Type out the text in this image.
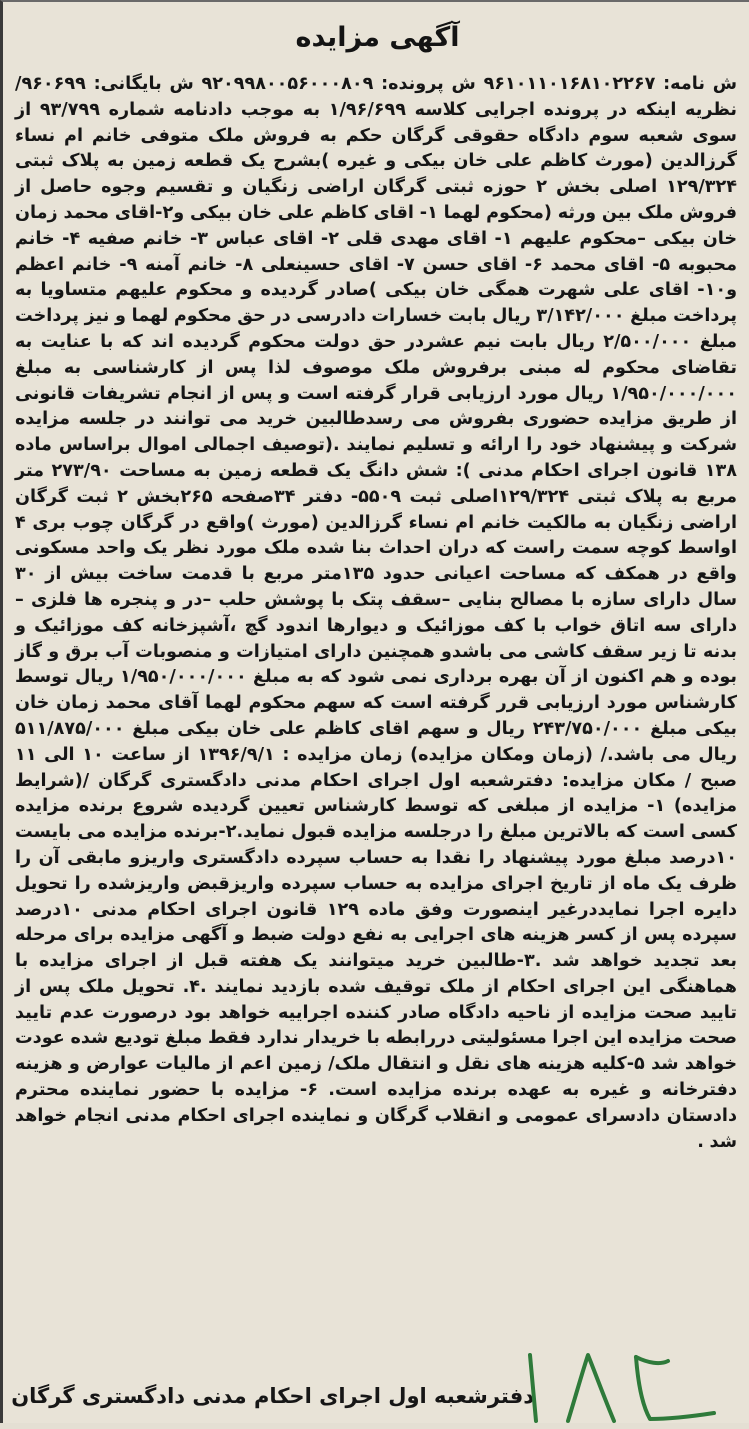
آگهی مزایده
ش نامه: ۹۶۱۰۱۱۰۱۶۸۱۰۲۲۶۷ ش پرونده: ۹۲۰۹۹۸۰۰۵۶۰۰۰۸۰۹ ش بایگانی: ۹۶۰۶۹۹/ نظریه اینکه در پرونده اجرایی کلاسه ۱/۹۶/۶۹۹ به موجب دادنامه شماره ۹۳/۷۹۹ از سوی شعبه سوم دادگاه حقوقی گرگان حکم به فروش ملک متوفی خانم ام نساء گرزالدین (مورث کاظم علی خان بیکی و غیره )بشرح یک قطعه زمین به پلاک ثبتی ۱۲۹/۳۲۴ اصلی بخش ۲ حوزه ثبتی گرگان اراضی زنگیان و تقسیم وجوه حاصل از فروش ملک بین ورثه (محکوم لهما ۱- اقای کاظم علی خان بیکی و۲-اقای محمد زمان خان بیکی –محکوم علیهم ۱- اقای مهدی قلی ۲- اقای عباس ۳- خانم صفیه ۴- خانم محبوبه ۵- اقای محمد ۶- اقای حسن ۷- اقای حسینعلی ۸- خانم آمنه ۹- خانم اعظم و۱۰- اقای علی شهرت همگی خان بیکی )صادر گردیده و محکوم علیهم متساویا به پرداخت مبلغ ۳/۱۴۲/۰۰۰ ریال بابت خسارات دادرسی در حق محکوم لهما و نیز پرداخت مبلغ ۲/۵۰۰/۰۰۰ ریال بابت نیم عشردر حق دولت محکوم گردیده اند که با عنایت به تقاضای محکوم له مبنی برفروش ملک موصوف لذا پس از کارشناسی به مبلغ ۱/۹۵۰/۰۰۰/۰۰۰ ریال مورد ارزیابی قرار گرفته است و پس از انجام تشریفات قانونی از طریق مزایده حضوری بفروش می رسدطالبین خرید می توانند در جلسه مزایده شرکت و پیشنهاد خود را ارائه و تسلیم نمایند .(توصیف اجمالی اموال براساس ماده ۱۳۸ قانون اجرای احکام مدنی ): شش دانگ یک قطعه زمین به مساحت ۲۷۳/۹۰ متر مربع به پلاک ثبتی ۱۲۹/۳۲۴اصلی ثبت ۵۵۰۹- دفتر ۳۴صفحه ۲۶۵بخش ۲ ثبت گرگان اراضی زنگیان به مالکیت خانم ام نساء گرزالدین (مورث )واقع در گرگان چوب بری ۴ اواسط کوچه سمت راست که دران احداث بنا شده ملک مورد نظر یک واحد مسکونی واقع در همکف که مساحت اعیانی حدود ۱۳۵متر مربع با قدمت ساخت بیش از ۳۰ سال دارای سازه با مصالح بنایی –سقف پتک با پوشش حلب –در و پنجره ها فلزی –دارای سه اتاق خواب با کف موزائیک و دیوارها اندود گچ ،آشپزخانه کف موزائیک و بدنه تا زیر سقف کاشی می باشدو همچنین دارای امتیازات و منصوبات آب برق و گاز بوده و هم اکنون از آن بهره برداری نمی شود که به مبلغ ۱/۹۵۰/۰۰۰/۰۰۰ ریال توسط کارشناس مورد ارزیابی قرر گرفته است که سهم محکوم لهما آقای محمد زمان خان بیکی مبلغ ۲۴۳/۷۵۰/۰۰۰ ریال و سهم اقای کاظم علی خان بیکی مبلغ ۵۱۱/۸۷۵/۰۰۰ ریال می باشد./ (زمان ومکان مزایده) زمان مزایده : ۱۳۹۶/۹/۱ از ساعت ۱۰ الی ۱۱ صبح / مکان مزایده: دفترشعبه اول اجرای احکام مدنی دادگستری گرگان /(شرایط مزایده) ۱- مزایده از مبلغی که توسط کارشناس تعیین گردیده شروع برنده مزایده کسی است که بالاترین مبلغ را درجلسه مزایده قبول نماید.۲-برنده مزایده می بایست ۱۰درصد مبلغ مورد پیشنهاد را نقدا به حساب سپرده دادگستری واریزو مابقی آن را ظرف یک ماه از تاریخ اجرای مزایده به حساب سپرده واریزقبض واریزشده را تحویل دایره اجرا نمایددرغیر اینصورت وفق ماده ۱۲۹ قانون اجرای احکام مدنی ۱۰درصد سپرده پس از کسر هزینه های اجرایی به نفع دولت ضبط و آگهی مزایده برای مرحله بعد تجدید خواهد شد .۳-طالبین خرید میتوانند یک هفته قبل از اجرای مزایده با هماهنگی این اجرای احکام از ملک توقیف شده بازدید نمایند .۴. تحویل ملک پس از تایید صحت مزایده از ناحیه دادگاه صادر کننده اجراییه خواهد بود درصورت عدم تایید صحت مزایده این اجرا مسئولیتی دررابطه با خریدار ندارد فقط مبلغ تودیع شده عودت خواهد شد ۵-کلیه هزینه های نقل و انتقال ملک/ زمین اعم از مالیات عوارض و هزینه دفترخانه و غیره به عهده برنده مزایده است. ۶- مزایده با حضور نماینده محترم دادستان دادسرای عمومی و انقلاب گرگان و نماینده اجرای احکام مدنی انجام خواهد شد .
دفترشعبه اول اجرای احکام مدنی دادگستری گرگان
